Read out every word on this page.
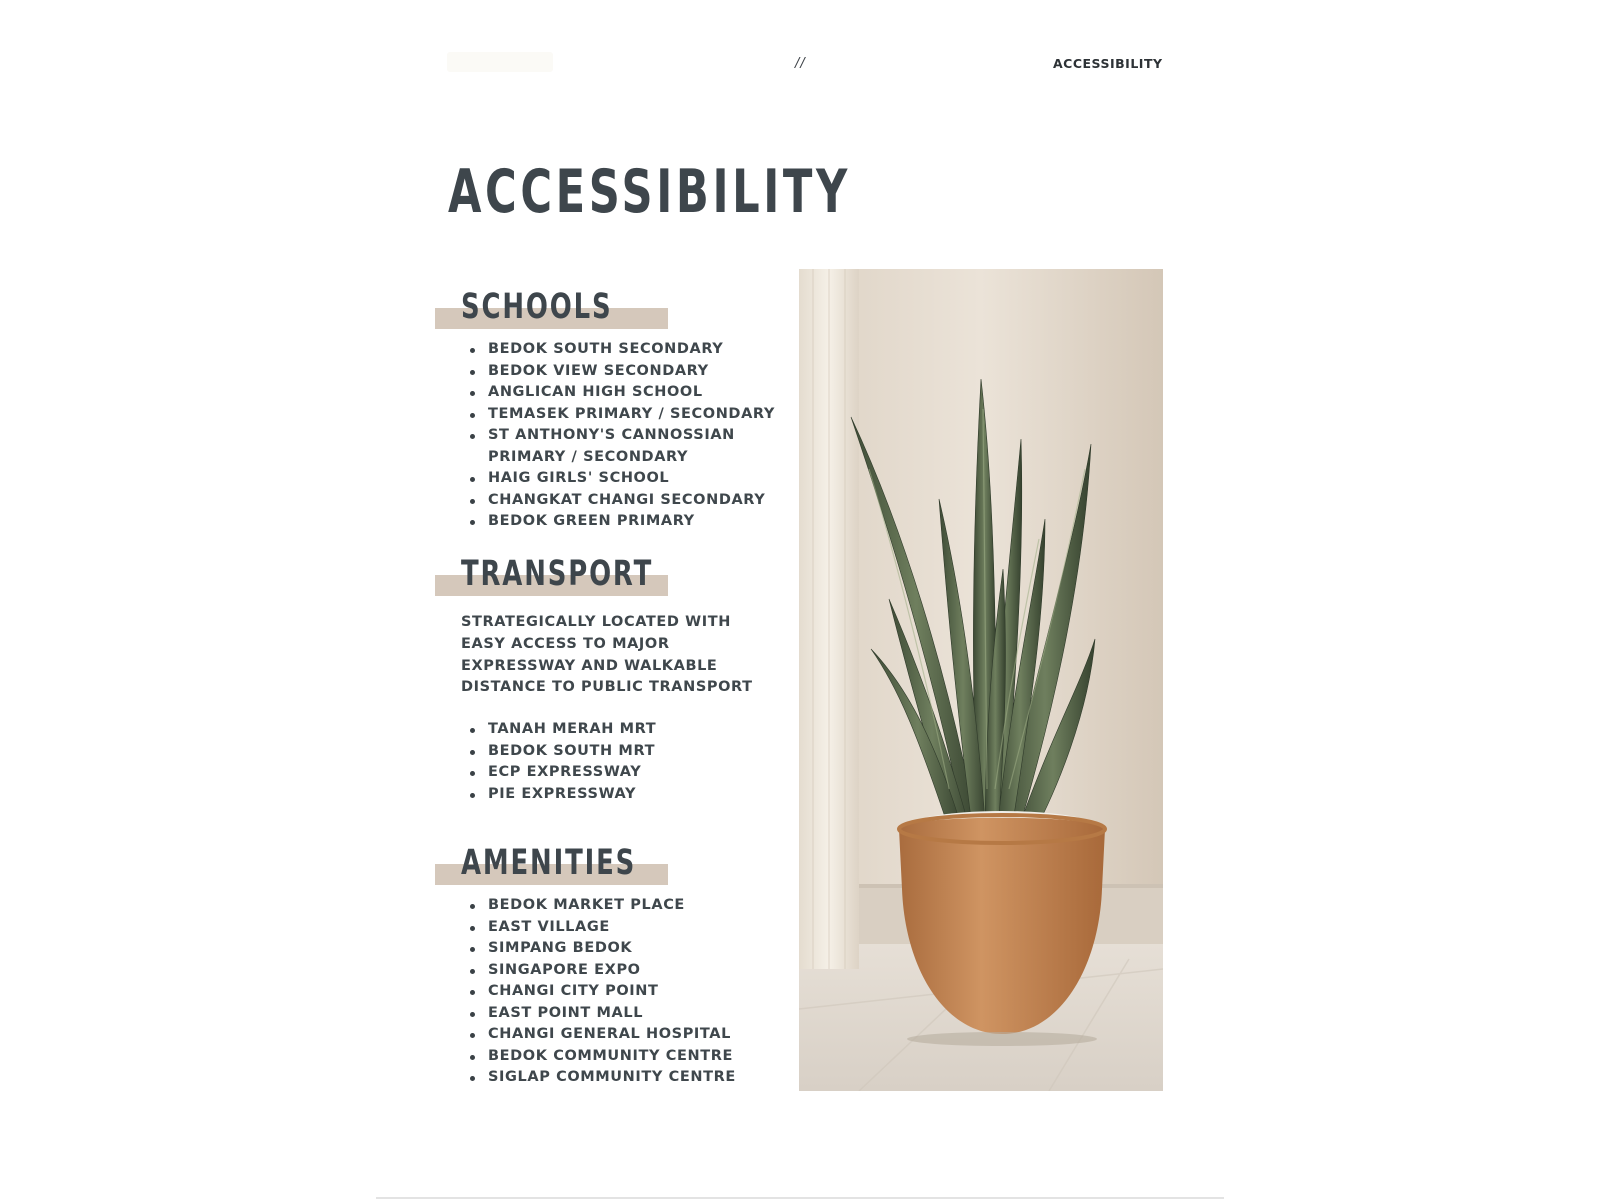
//	ACCESSIBILITY
ACCESSIBILITY
SCHOOLS
BEDOK SOUTH SECONDARY
BEDOK VIEW SECONDARY
ANGLICAN HIGH SCHOOL
TEMASEK PRIMARY / SECONDARY
ST ANTHONY'S CANNOSSIAN PRIMARY / SECONDARY
HAIG GIRLS' SCHOOL
CHANGKAT CHANGI SECONDARY
BEDOK GREEN PRIMARY
TRANSPORT

STRATEGICALLY LOCATED WITH EASY ACCESS TO MAJOR EXPRESSWAY AND WALKABLE DISTANCE TO PUBLIC TRANSPORT

TANAH MERAH MRT
BEDOK SOUTH MRT
ECP EXPRESSWAY
PIE EXPRESSWAY
AMENITIES
BEDOK MARKET PLACE
EAST VILLAGE
SIMPANG BEDOK
SINGAPORE EXPO
CHANGI CITY POINT
EAST POINT MALL
CHANGI GENERAL HOSPITAL
BEDOK COMMUNITY CENTRE
SIGLAP COMMUNITY CENTRE
